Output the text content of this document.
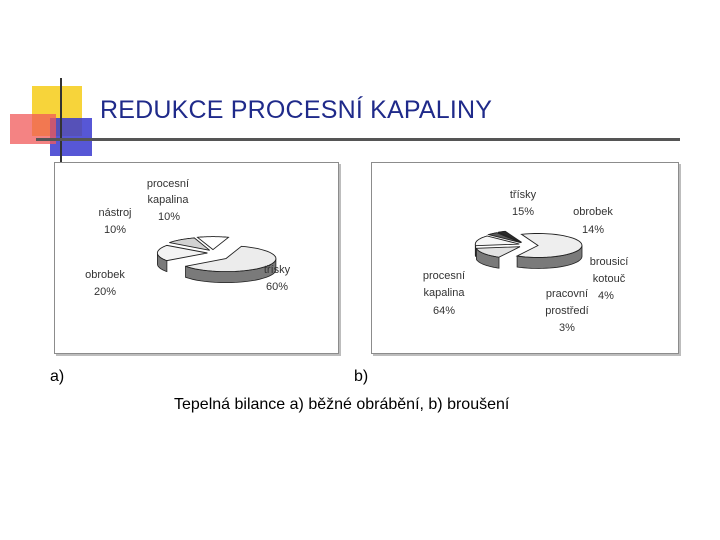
REDUKCE PROCESNÍ KAPALINY
procesní kapalina
10%
nástroj
10%
obrobek
20%
třísky
60%
třísky
15%	obrobek
14%
brousicí kotouč
4%
pracovní prostředí
3%
procesní kapalina
64%
a)	b)
Tepelná bilance a) běžné obrábění, b) broušení
